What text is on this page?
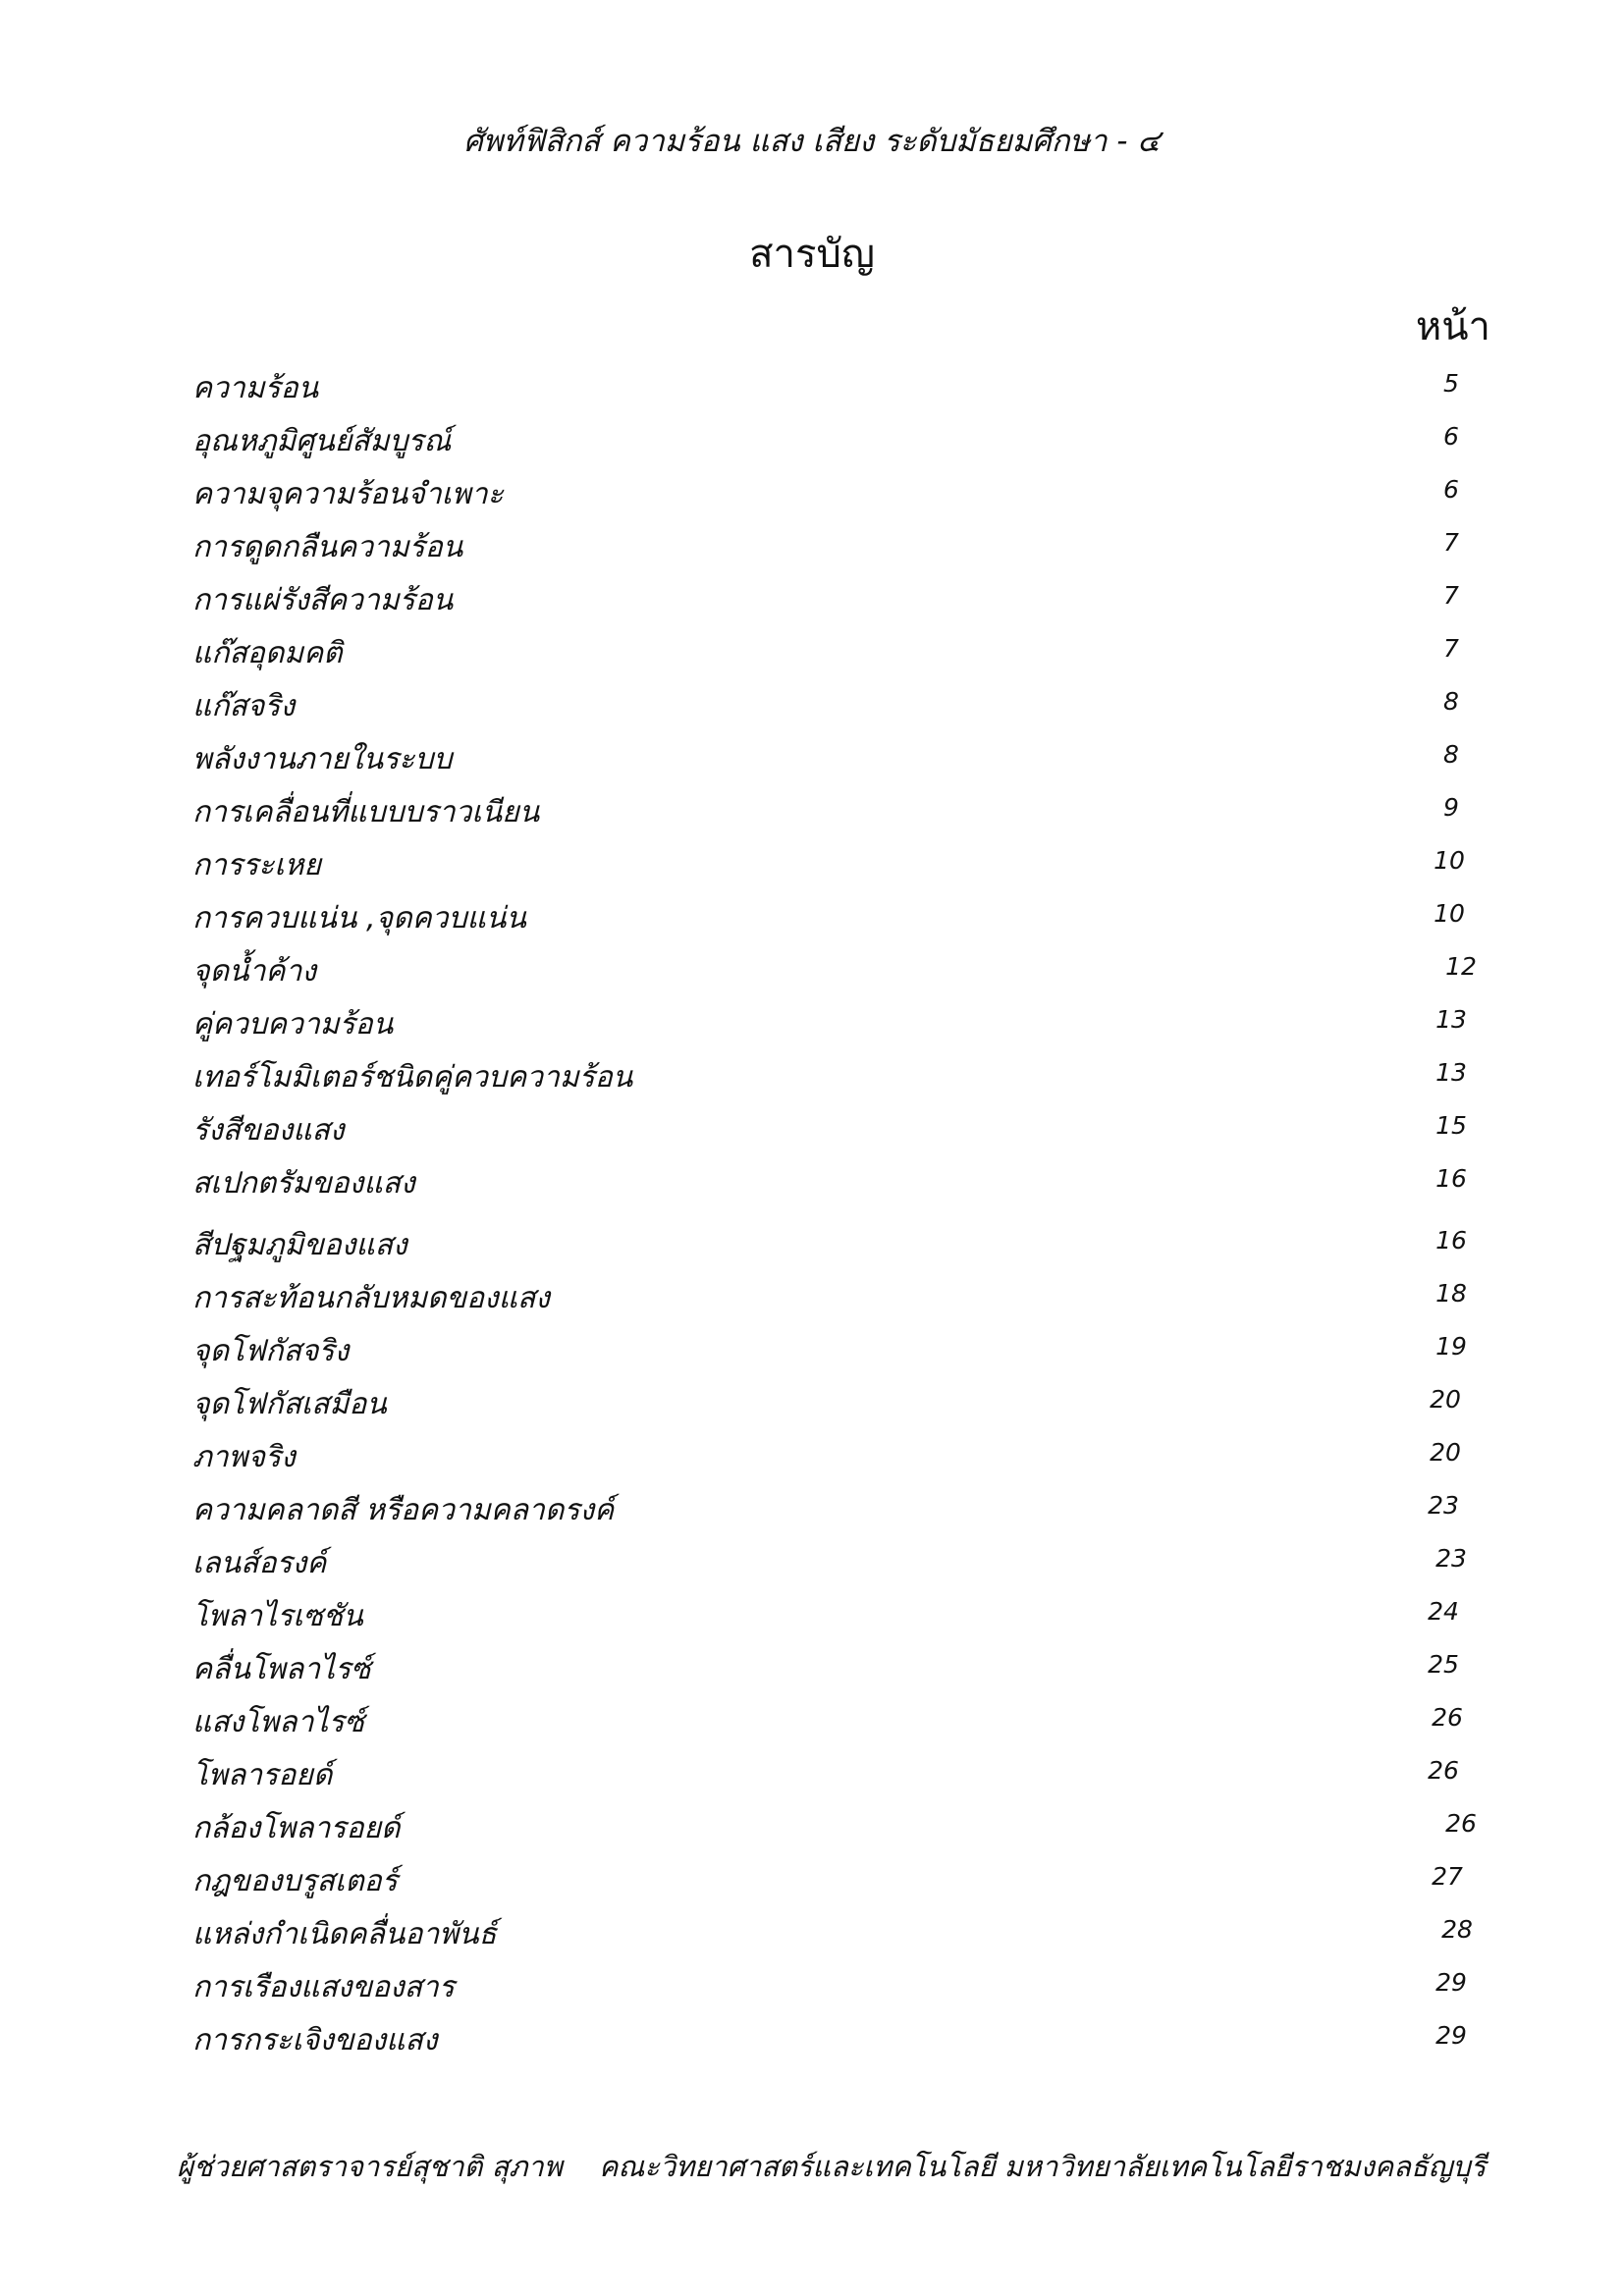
ศัพท์ฟิสิกส์ ความร้อน แสง เสียง ระดับมัธยมศึกษา - ๔
สารบัญ
หน้า
ความร้อน	5
อุณหภูมิศูนย์สัมบูรณ์	6
ความจุความร้อนจำเพาะ	6
การดูดกลืนความร้อน	7
การแผ่รังสีความร้อน	7
แก๊สอุดมคติ	7
แก๊สจริง	8
พลังงานภายในระบบ	8
การเคลื่อนที่แบบบราวเนียน	9
การระเหย	10
การควบแน่น ,จุดควบแน่น	10
จุดน้ำค้าง	12
คู่ควบความร้อน	13
เทอร์โมมิเตอร์ชนิดคู่ควบความร้อน	13
รังสีของแสง	15
สเปกตรัมของแสง	16
สีปฐมภูมิของแสง	16
การสะท้อนกลับหมดของแสง	18
จุดโฟกัสจริง	19
จุดโฟกัสเสมือน	20
ภาพจริง	20
ความคลาดสี หรือความคลาดรงค์	23
เลนส์อรงค์	23
โพลาไรเซชัน	24
คลื่นโพลาไรซ์	25
แสงโพลาไรซ์	26
โพลารอยด์	26
กล้องโพลารอยด์	26
กฎของบรูสเตอร์	27
แหล่งกำเนิดคลื่นอาพันธ์	28
การเรืองแสงของสาร	29
การกระเจิงของแสง	29
ผู้ช่วยศาสตราจารย์สุชาติ สุภาพ คณะวิทยาศาสตร์และเทคโนโลยี มหาวิทยาลัยเทคโนโลยีราชมงคลธัญบุรี
